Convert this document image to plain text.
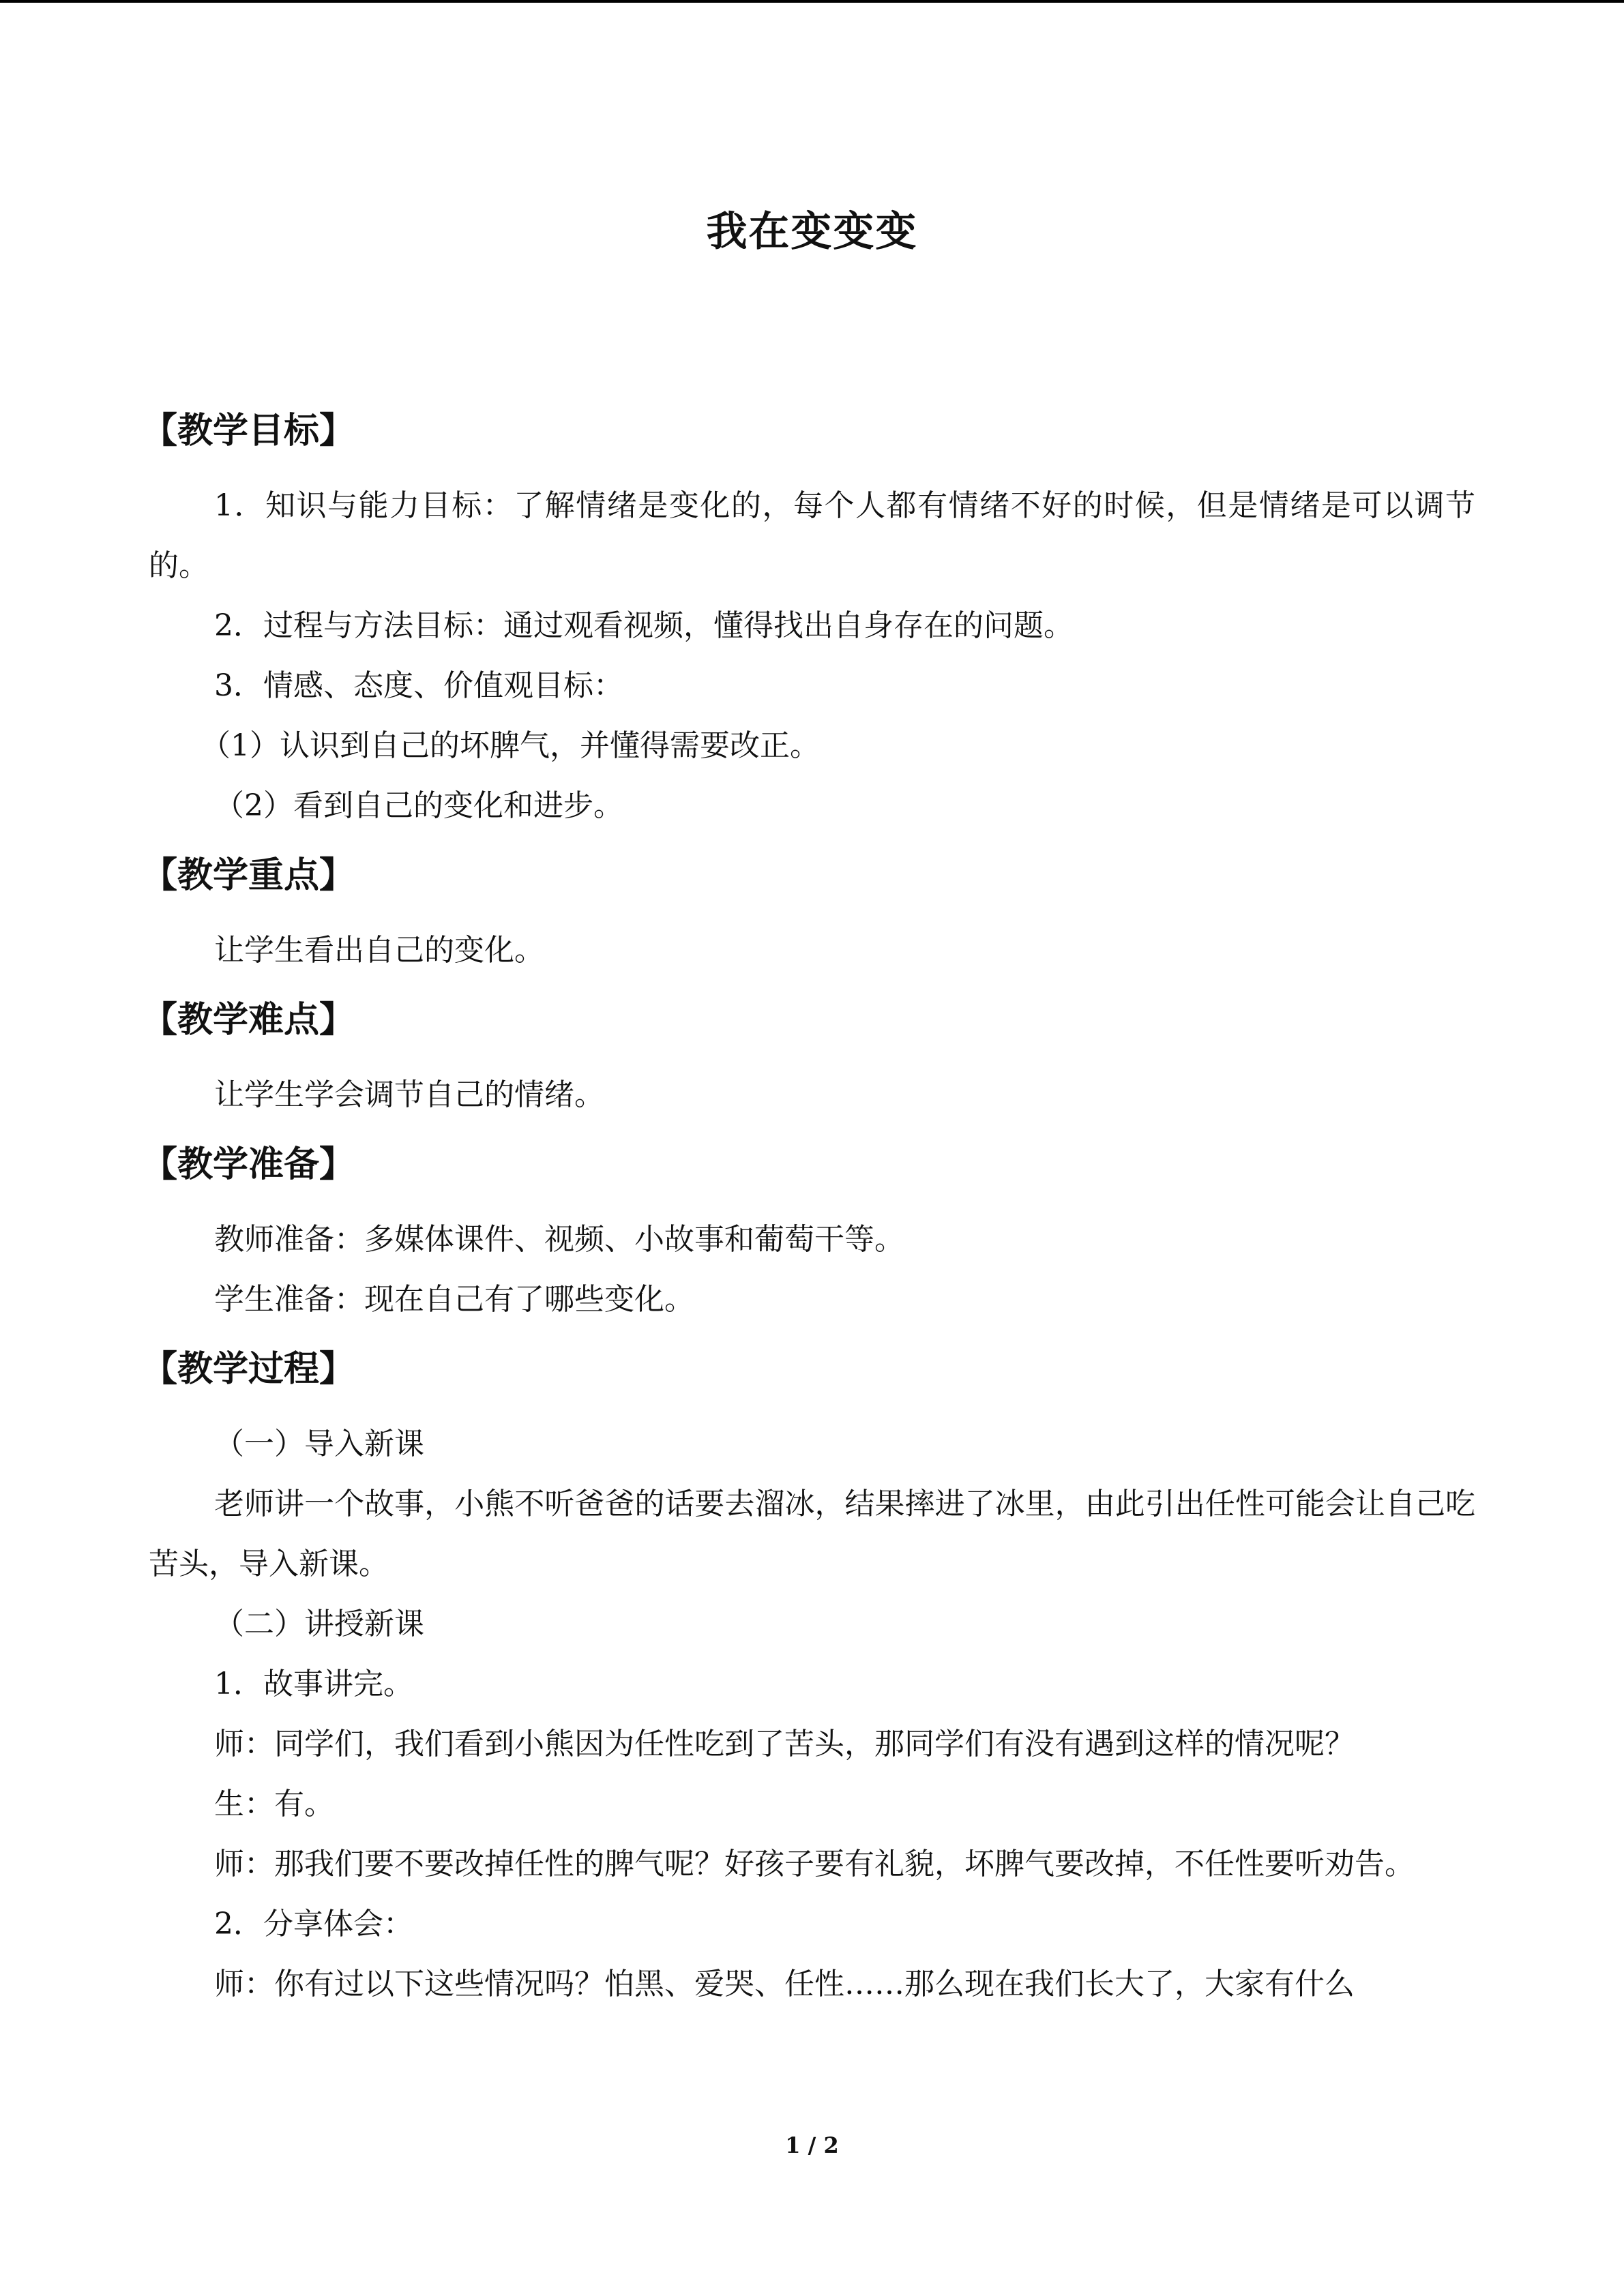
我在变变变
【教学目标】

1．知识与能力目标：了解情绪是变化的，每个人都有情绪不好的时候，但是情绪是可以调节的。

2．过程与方法目标：通过观看视频，懂得找出自身存在的问题。

3．情感、态度、价值观目标：

（1）认识到自己的坏脾气，并懂得需要改正。

（2）看到自己的变化和进步。

【教学重点】

让学生看出自己的变化。

【教学难点】

让学生学会调节自己的情绪。

【教学准备】

教师准备：多媒体课件、视频、小故事和葡萄干等。

学生准备：现在自己有了哪些变化。

【教学过程】

（一）导入新课

老师讲一个故事，小熊不听爸爸的话要去溜冰，结果摔进了冰里，由此引出任性可能会让自己吃苦头，导入新课。

（二）讲授新课

1．故事讲完。

师：同学们，我们看到小熊因为任性吃到了苦头，那同学们有没有遇到这样的情况呢？

生：有。

师：那我们要不要改掉任性的脾气呢？好孩子要有礼貌，坏脾气要改掉，不任性要听劝告。

2．分享体会：

师：你有过以下这些情况吗？怕黑、爱哭、任性……那么现在我们长大了，大家有什么

1 / 2
